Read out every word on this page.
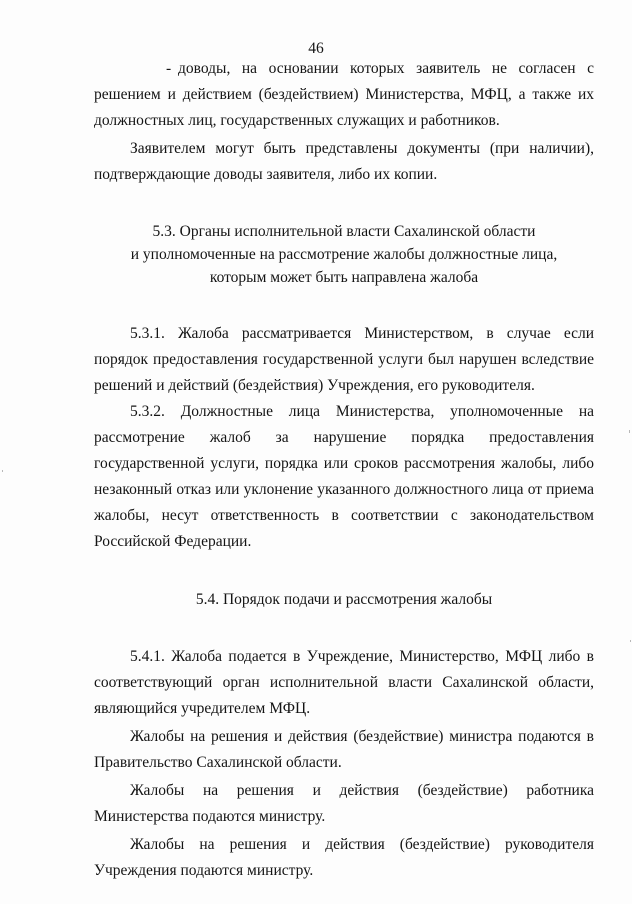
46

- доводы, на основании которых заявитель не согласен с решением и действием (бездействием) Министерства, МФЦ, а также их должностных лиц, государственных служащих и работников.

Заявителем могут быть представлены документы (при наличии), подтверждающие доводы заявителя, либо их копии.

5.3. Органы исполнительной власти Сахалинской области
и уполномоченные на рассмотрение жалобы должностные лица,
которым может быть направлена жалоба

5.3.1. Жалоба рассматривается Министерством, в случае если порядок предоставления государственной услуги был нарушен вследствие решений и действий (бездействия) Учреждения, его руководителя.

5.3.2. Должностные лица Министерства, уполномоченные на рассмотрение жалоб за нарушение порядка предоставления государственной услуги, порядка или сроков рассмотрения жалобы, либо незаконный отказ или уклонение указанного должностного лица от приема жалобы, несут ответственность в соответствии с законодательством Российской Федерации.

5.4. Порядок подачи и рассмотрения жалобы

5.4.1. Жалоба подается в Учреждение, Министерство, МФЦ либо в соответствующий орган исполнительной власти Сахалинской области, являющийся учредителем МФЦ.

Жалобы на решения и действия (бездействие) министра подаются в Правительство Сахалинской области.

Жалобы на решения и действия (бездействие) работника Министерства подаются министру.

Жалобы на решения и действия (бездействие) руководителя Учреждения подаются министру.
